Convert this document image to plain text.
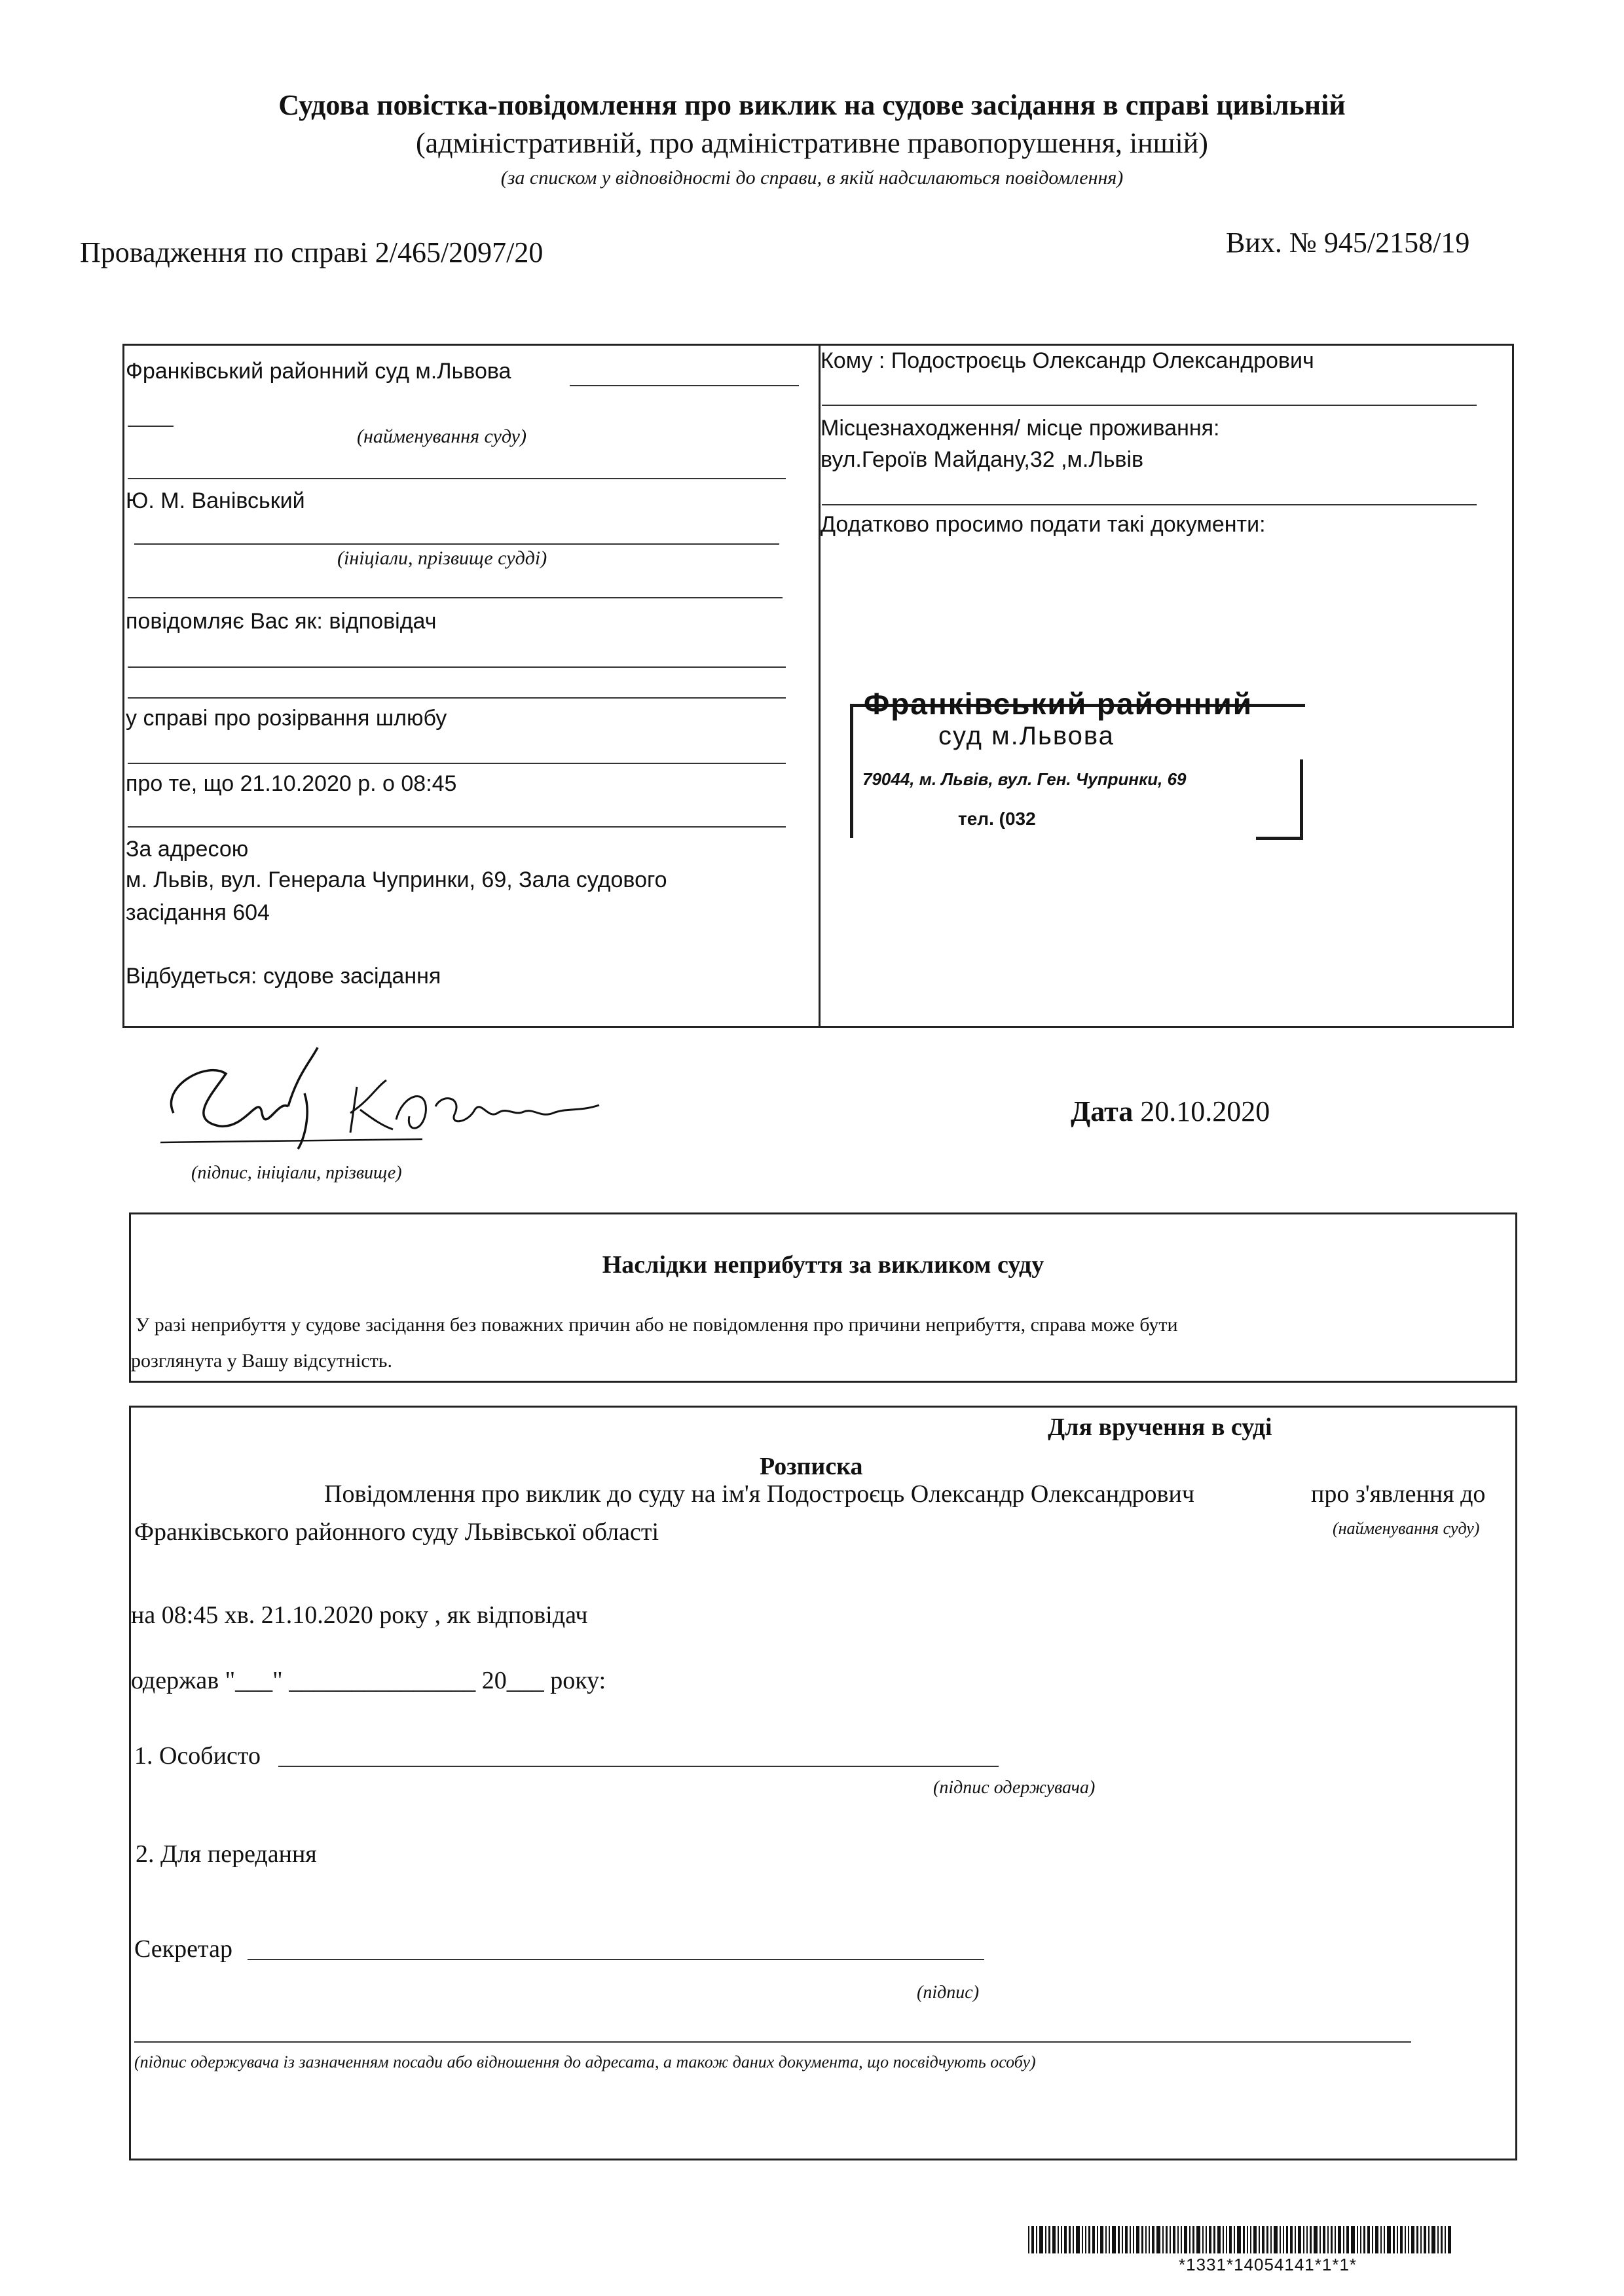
Судова повістка-повідомлення про виклик на судове засідання в справі цивільній
(адміністративній, про адміністративне правопорушення, іншій)
(за списком у відповідності до справи, в якій надсилаються повідомлення)
Провадження по справі 2/465/2097/20	Вих. № 945/2158/19
Франківський районний суд м.Львова
(найменування суду)
Ю. М. Ванівський
(ініціали, прізвище судді)
повідомляє Вас як: відповідач
у справі про розірвання шлюбу
про те, що 21.10.2020 р. о 08:45
За адресою
м. Львів, вул. Генерала Чупринки, 69, Зала судового
засідання 604
Відбудеться: судове засідання
Кому : Подострoєць Олександр Олександрович
Місцезнаходження/ місце проживання:
вул.Героїв Майдану,32 ,м.Львів
Додатково просимо подати такі документи:
Франківський районний
суд м.Львова
79044, м. Львів, вул. Ген. Чупринки, 69
тел. (032
(підпис, ініціали, прізвище)
Дата 20.10.2020
Наслідки неприбуття за викликом суду
У разі неприбуття у судове засідання без поважних причин або не повідомлення про причини неприбуття, справа може бути
розглянута у Вашу відсутність.
Для вручення в суді
Розписка
Повідомлення про виклик до суду на ім'я Подострoєць Олександр Олександрович	про з'явлення до
Франківського районного суду Львівської області	(найменування суду)
на 08:45 хв. 21.10.2020 року , як відповідач
одержав "___" _______________ 20___ року:
1. Особисто
(підпис одержувача)
2. Для передання
Секретар
(підпис)
(підпис одержувача із зазначенням посади або відношення до адресата, а також даних документа, що посвідчують особу)
*1331*14054141*1*1*
